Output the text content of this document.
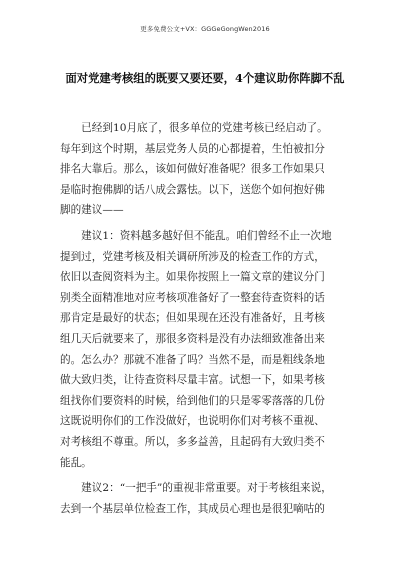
更多免费公文+VX：GGGeGongWen2016
面对党建考核组的既要又要还要，4个建议助你阵脚不乱
　　已经到10月底了，很多单位的党建考核已经启动了。
每年到这个时期，基层党务人员的心都提着，生怕被扣分
排名大靠后。那么，该如何做好准备呢？很多工作如果只
是临时抱佛脚的话八成会露怯。以下，送您个如何抱好佛
脚的建议——
　　建议1：资料越多越好但不能乱。咱们曾经不止一次地
提到过，党建考核及相关调研所涉及的检查工作的方式，
依旧以查阅资料为主。如果你按照上一篇文章的建议分门
别类全面精准地对应考核项准备好了一整套待查资料的话
那肯定是最好的状态；但如果现在还没有准备好，且考核
组几天后就要来了，那很多资料是没有办法细致准备出来
的。怎么办？那就不准备了吗？当然不是，而是粗线条地
做大致归类，让待查资料尽量丰富。试想一下，如果考核
组找你们要资料的时候，给到他们的只是零零落落的几份
这既说明你们的工作没做好，也说明你们对考核不重视、
对考核组不尊重。所以，多多益善，且起码有大致归类不
能乱。
　　建议2：“一把手”的重视非常重要。对于考核组来说，
去到一个基层单位检查工作，其成员心理也是很犯嘀咕的
